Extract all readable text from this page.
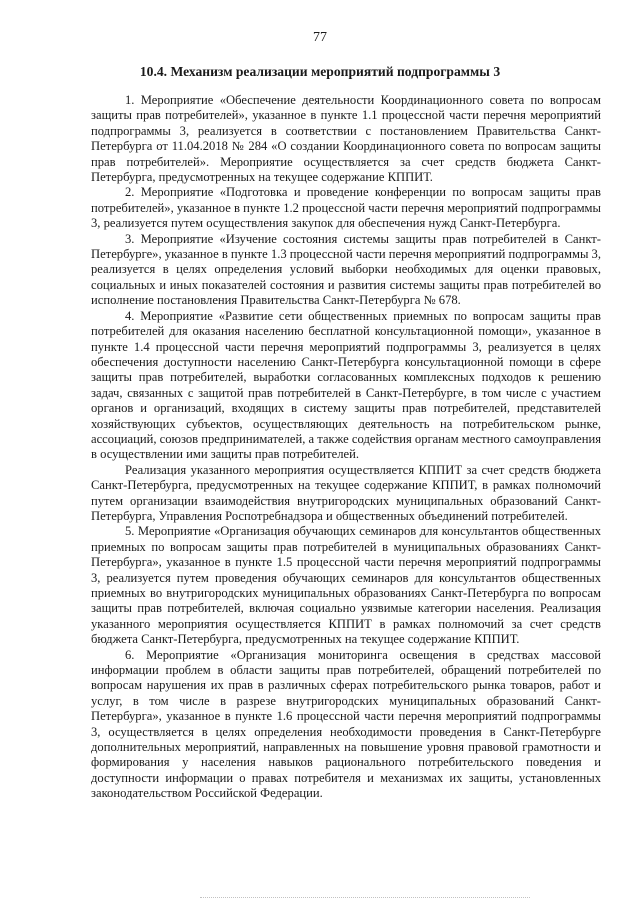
77
10.4. Механизм реализации мероприятий подпрограммы 3

1. Мероприятие «Обеспечение деятельности Координационного совета по вопросам защиты прав потребителей», указанное в пункте 1.1 процессной части перечня мероприятий подпрограммы 3, реализуется в соответствии с постановлением Правительства Санкт-Петербурга от 11.04.2018 № 284 «О создании Координационного совета по вопросам защиты прав потребителей». Мероприятие осуществляется за счет средств бюджета Санкт-Петербурга, предусмотренных на текущее содержание КППИТ.

2. Мероприятие «Подготовка и проведение конференции по вопросам защиты прав потребителей», указанное в пункте 1.2 процессной части перечня мероприятий подпрограммы 3, реализуется путем осуществления закупок для обеспечения нужд Санкт-Петербурга.

3. Мероприятие «Изучение состояния системы защиты прав потребителей в Санкт-Петербурге», указанное в пункте 1.3 процессной части перечня мероприятий подпрограммы 3, реализуется в целях определения условий выборки необходимых для оценки правовых, социальных и иных показателей состояния и развития системы защиты прав потребителей во исполнение постановления Правительства Санкт-Петербурга № 678.

4. Мероприятие «Развитие сети общественных приемных по вопросам защиты прав потребителей для оказания населению бесплатной консультационной помощи», указанное в пункте 1.4 процессной части перечня мероприятий подпрограммы 3, реализуется в целях обеспечения доступности населению Санкт-Петербурга консультационной помощи в сфере защиты прав потребителей, выработки согласованных комплексных подходов к решению задач, связанных с защитой прав потребителей в Санкт-Петербурге, в том числе с участием органов и организаций, входящих в систему защиты прав потребителей, представителей хозяйствующих субъектов, осуществляющих деятельность на потребительском рынке, ассоциаций, союзов предпринимателей, а также содействия органам местного самоуправления в осуществлении ими защиты прав потребителей.

Реализация указанного мероприятия осуществляется КППИТ за счет средств бюджета Санкт-Петербурга, предусмотренных на текущее содержание КППИТ, в рамках полномочий путем организации взаимодействия внутригородских муниципальных образований Санкт-Петербурга, Управления Роспотребнадзора и общественных объединений потребителей.

5. Мероприятие «Организация обучающих семинаров для консультантов общественных приемных по вопросам защиты прав потребителей в муниципальных образованиях Санкт-Петербурга», указанное в пункте 1.5 процессной части перечня мероприятий подпрограммы 3, реализуется путем проведения обучающих семинаров для консультантов общественных приемных во внутригородских муниципальных образованиях Санкт-Петербурга по вопросам защиты прав потребителей, включая социально уязвимые категории населения. Реализация указанного мероприятия осуществляется КППИТ в рамках полномочий за счет средств бюджета Санкт-Петербурга, предусмотренных на текущее содержание КППИТ.

6. Мероприятие «Организация мониторинга освещения в средствах массовой информации проблем в области защиты прав потребителей, обращений потребителей по вопросам нарушения их прав в различных сферах потребительского рынка товаров, работ и услуг, в том числе в разрезе внутригородских муниципальных образований Санкт-Петербурга», указанное в пункте 1.6 процессной части перечня мероприятий подпрограммы 3, осуществляется в целях определения необходимости проведения в Санкт-Петербурге дополнительных мероприятий, направленных на повышение уровня правовой грамотности и формирования у населения навыков рационального потребительского поведения и доступности информации о правах потребителя и механизмах их защиты, установленных законодательством Российской Федерации.
